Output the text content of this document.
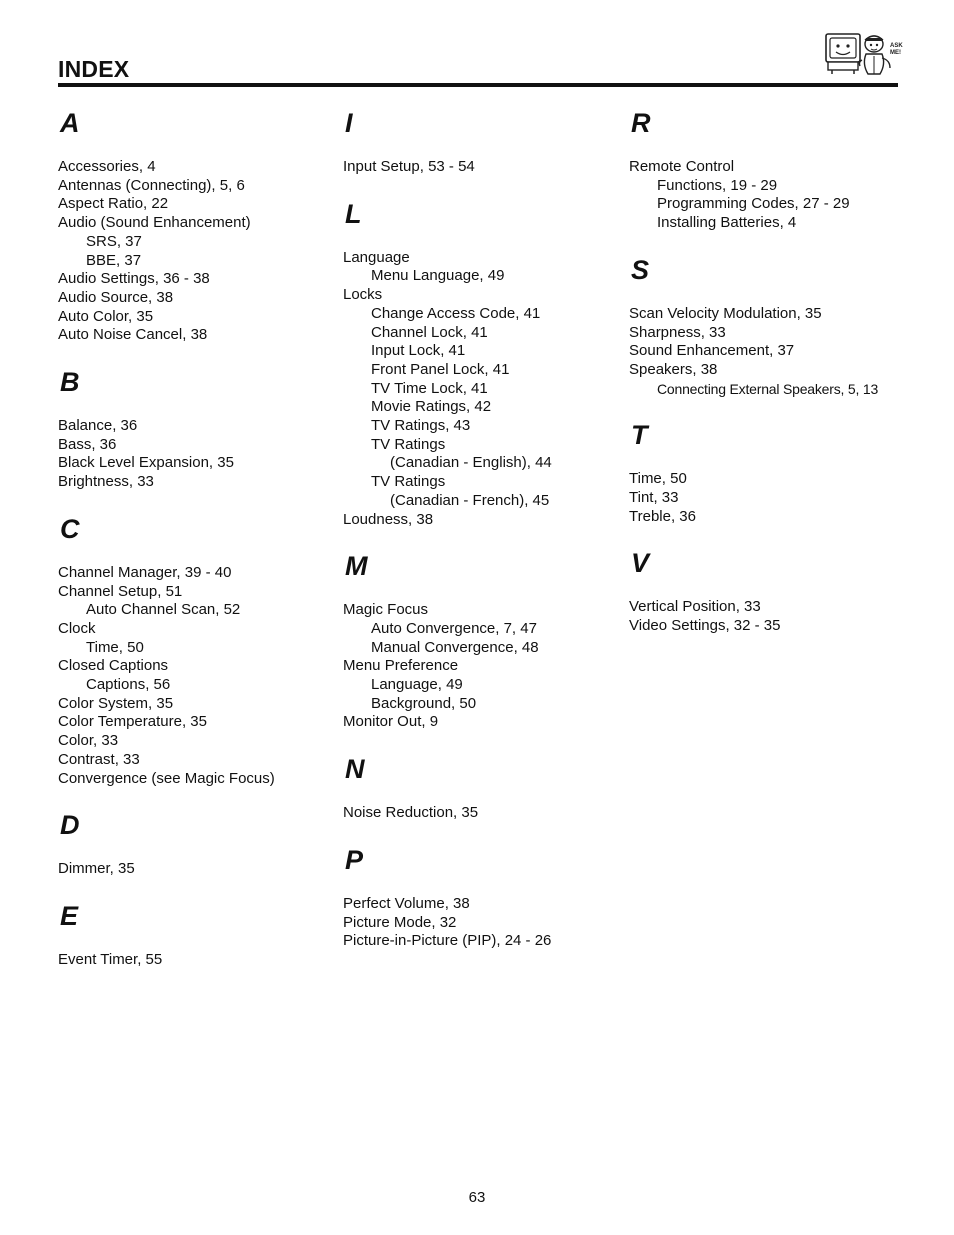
INDEX
ASK
ME!
A
Accessories, 4
Antennas (Connecting), 5, 6
Aspect Ratio, 22
Audio (Sound Enhancement)
SRS, 37
BBE, 37
Audio Settings, 36 - 38
Audio Source, 38
Auto Color, 35
Auto Noise Cancel, 38
B
Balance, 36
Bass, 36
Black Level Expansion, 35
Brightness, 33
C
Channel Manager, 39 - 40
Channel Setup, 51
Auto Channel Scan, 52
Clock
Time, 50
Closed Captions
Captions, 56
Color System, 35
Color Temperature, 35
Color, 33
Contrast, 33
Convergence (see Magic Focus)
D
Dimmer, 35
E
Event Timer, 55
I
Input Setup, 53 - 54
L
Language
Menu Language, 49
Locks
Change Access Code, 41
Channel Lock, 41
Input Lock, 41
Front Panel Lock, 41
TV Time Lock, 41
Movie Ratings, 42
TV Ratings, 43
TV Ratings
(Canadian - English), 44
TV Ratings
(Canadian - French), 45
Loudness, 38
M
Magic Focus
Auto Convergence, 7, 47
Manual Convergence, 48
Menu Preference
Language, 49
Background, 50
Monitor Out, 9
N
Noise Reduction, 35
P
Perfect Volume, 38
Picture Mode, 32
Picture-in-Picture (PIP), 24 - 26
R
Remote Control
Functions, 19 - 29
Programming Codes, 27 - 29
Installing Batteries, 4
S
Scan Velocity Modulation, 35
Sharpness, 33
Sound Enhancement, 37
Speakers, 38
Connecting External Speakers, 5, 13
T
Time, 50
Tint, 33
Treble, 36
V
Vertical Position, 33
Video Settings, 32 - 35
63
